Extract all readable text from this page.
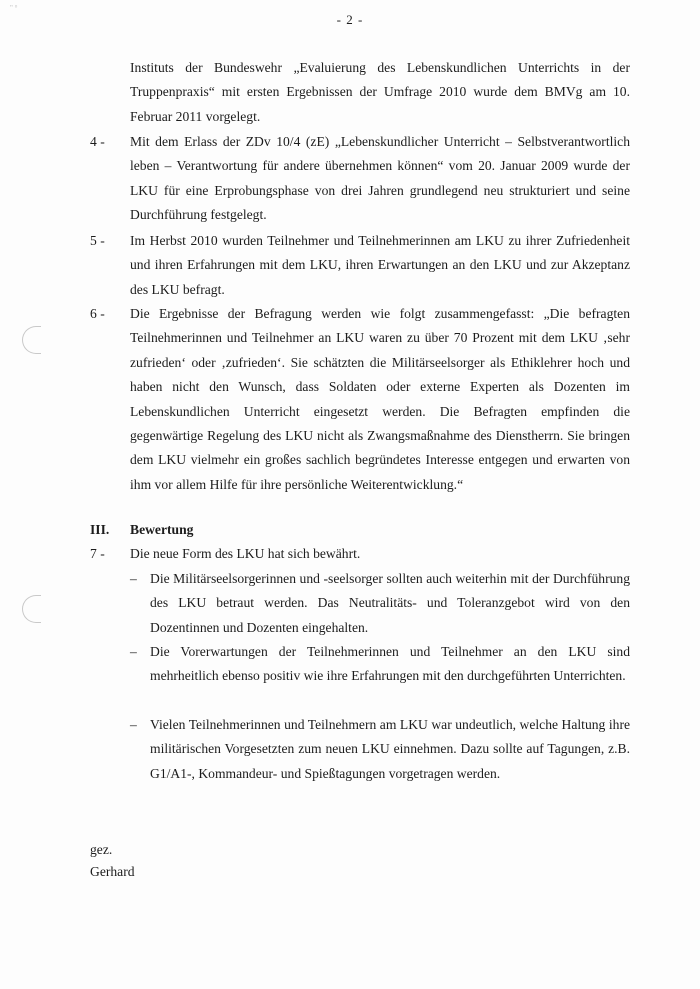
" °
- 2 -
Instituts der Bundeswehr „Evaluierung des Lebenskundlichen Unterrichts in der Truppenpraxis“ mit ersten Ergebnissen der Umfrage 2010 wurde dem BMVg am 10. Februar 2011 vorgelegt.
4 -	Mit dem Erlass der ZDv 10/4 (zE) „Lebenskundlicher Unterricht – Selbstverantwortlich leben – Verantwortung für andere übernehmen können“ vom 20. Januar 2009 wurde der LKU für eine Erprobungsphase von drei Jahren grundlegend neu strukturiert und seine Durchführung festgelegt.
5 -	Im Herbst 2010 wurden Teilnehmer und Teilnehmerinnen am LKU zu ihrer Zufriedenheit und ihren Erfahrungen mit dem LKU, ihren Erwartungen an den LKU und zur Akzeptanz des LKU befragt.
6 -	Die Ergebnisse der Befragung werden wie folgt zusammengefasst: „Die befragten Teilnehmerinnen und Teilnehmer an LKU waren zu über 70 Prozent mit dem LKU ‚sehr zufrieden‘ oder ‚zufrieden‘. Sie schätzten die Militärseelsorger als Ethiklehrer hoch und haben nicht den Wunsch, dass Soldaten oder externe Experten als Dozenten im Lebenskundlichen Unterricht eingesetzt werden. Die Befragten empfinden die gegenwärtige Regelung des LKU nicht als Zwangsmaßnahme des Dienstherrn. Sie bringen dem LKU vielmehr ein großes sachlich begründetes Interesse entgegen und erwarten von ihm vor allem Hilfe für ihre persönliche Weiterentwicklung.“
III.	Bewertung
7 -	Die neue Form des LKU hat sich bewährt.
– Die Militärseelsorgerinnen und -seelsorger sollten auch weiterhin mit der Durchführung des LKU betraut werden. Das Neutralitäts- und Toleranzgebot wird von den Dozentinnen und Dozenten eingehalten.
– Die Vorerwartungen der Teilnehmerinnen und Teilnehmer an den LKU sind mehrheitlich ebenso positiv wie ihre Erfahrungen mit den durchgeführten Unterrichten.
– Vielen Teilnehmerinnen und Teilnehmern am LKU war undeutlich, welche Haltung ihre militärischen Vorgesetzten zum neuen LKU einnehmen. Dazu sollte auf Tagungen, z.B. G1/A1-, Kommandeur- und Spießtagungen vorgetragen werden.
gez.
Gerhard
